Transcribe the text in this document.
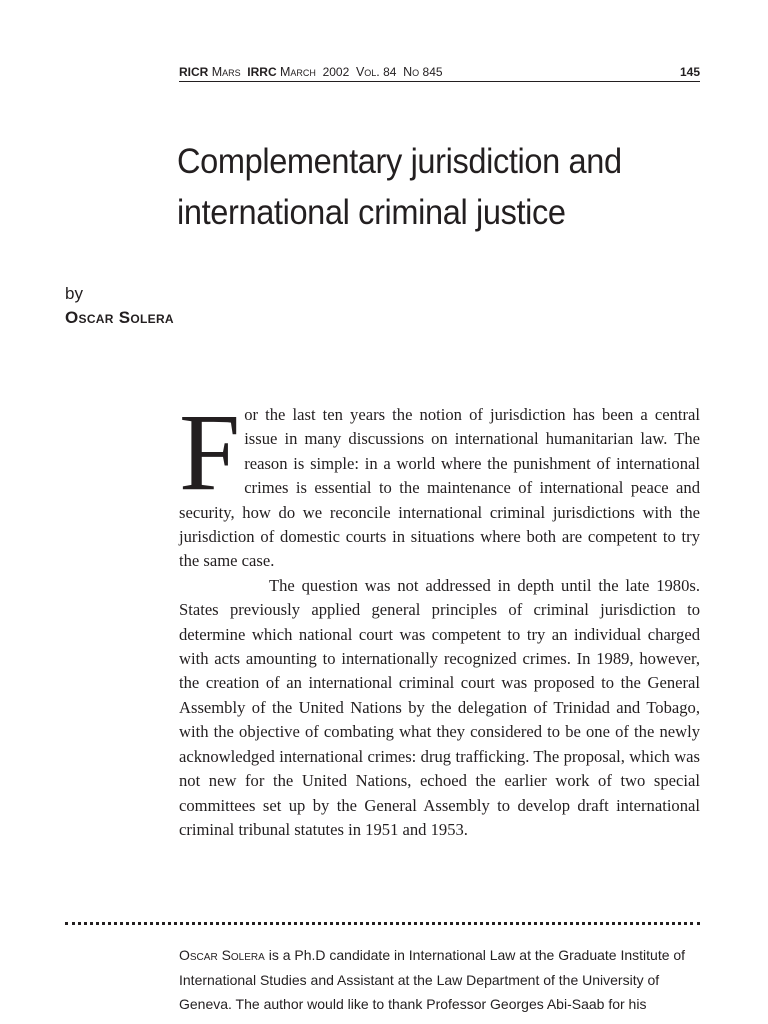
RICR Mars IRRC March 2002 Vol. 84 No 845	145
Complementary jurisdiction and international criminal justice
by
Oscar Solera
F or the last ten years the notion of jurisdiction has been a central issue in many discussions on international humanitarian law. The reason is simple: in a world where the punishment of international crimes is essential to the maintenance of international peace and security, how do we reconcile international criminal jurisdictions with the jurisdiction of domestic courts in situations where both are competent to try the same case.

The question was not addressed in depth until the late 1980s. States previously applied general principles of criminal jurisdiction to determine which national court was competent to try an individual charged with acts amounting to internationally recognized crimes. In 1989, however, the creation of an international criminal court was proposed to the General Assembly of the United Nations by the delegation of Trinidad and Tobago, with the objective of combating what they considered to be one of the newly acknowledged international crimes: drug trafficking. The proposal, which was not new for the United Nations, echoed the earlier work of two special committees set up by the General Assembly to develop draft international criminal tribunal statutes in 1951 and 1953.

Oscar Solera is a Ph.D candidate in International Law at the Graduate Institute of International Studies and Assistant at the Law Department of the University of Geneva. The author would like to thank Professor Georges Abi-Saab for his
